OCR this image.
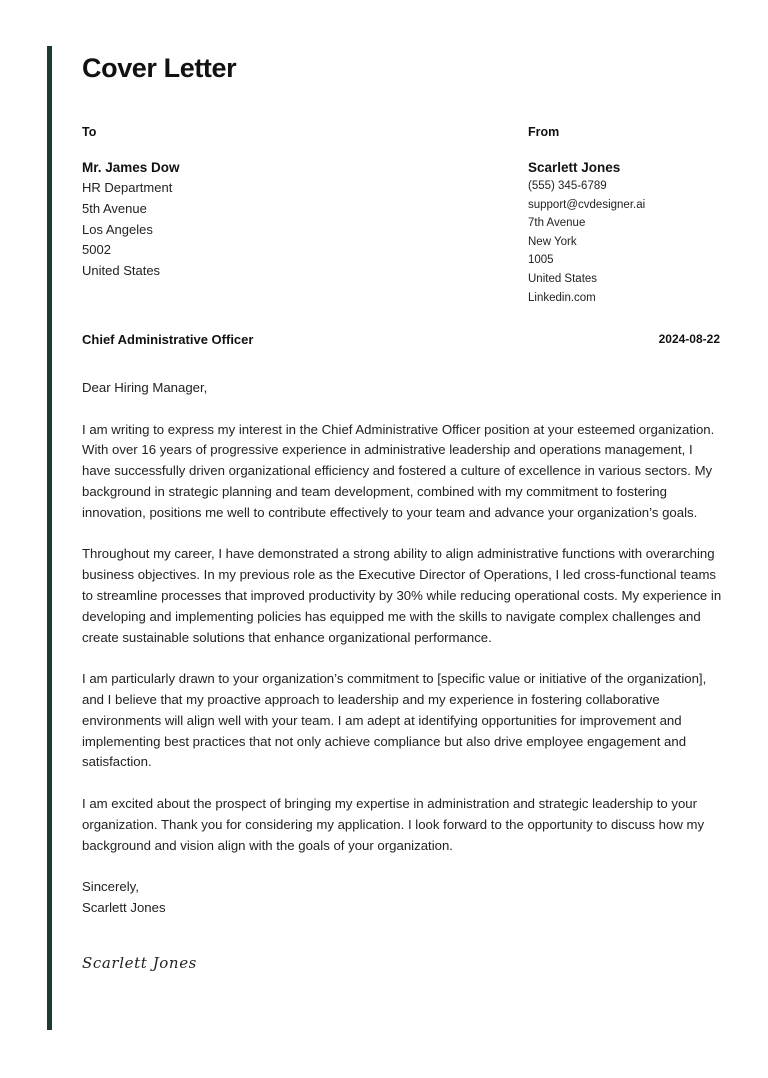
Cover Letter
To	From
Mr. James Dow
HR Department
5th Avenue
Los Angeles
5002
United States
Scarlett Jones
(555) 345-6789
support@cvdesigner.ai
7th Avenue
New York
1005
United States
Linkedin.com
Chief Administrative Officer	2024-08-22

Dear Hiring Manager,

I am writing to express my interest in the Chief Administrative Officer position at your esteemed organization. With over 16 years of progressive experience in administrative leadership and operations management, I have successfully driven organizational efficiency and fostered a culture of excellence in various sectors. My background in strategic planning and team development, combined with my commitment to fostering innovation, positions me well to contribute effectively to your team and advance your organization’s goals.

Throughout my career, I have demonstrated a strong ability to align administrative functions with overarching business objectives. In my previous role as the Executive Director of Operations, I led cross-functional teams to streamline processes that improved productivity by 30% while reducing operational costs. My experience in developing and implementing policies has equipped me with the skills to navigate complex challenges and create sustainable solutions that enhance organizational performance.

I am particularly drawn to your organization’s commitment to [specific value or initiative of the organization], and I believe that my proactive approach to leadership and my experience in fostering collaborative environments will align well with your team. I am adept at identifying opportunities for improvement and implementing best practices that not only achieve compliance but also drive employee engagement and satisfaction.

I am excited about the prospect of bringing my expertise in administration and strategic leadership to your organization. Thank you for considering my application. I look forward to the opportunity to discuss how my background and vision align with the goals of your organization.

Sincerely,
Scarlett Jones
Scarlett Jones
